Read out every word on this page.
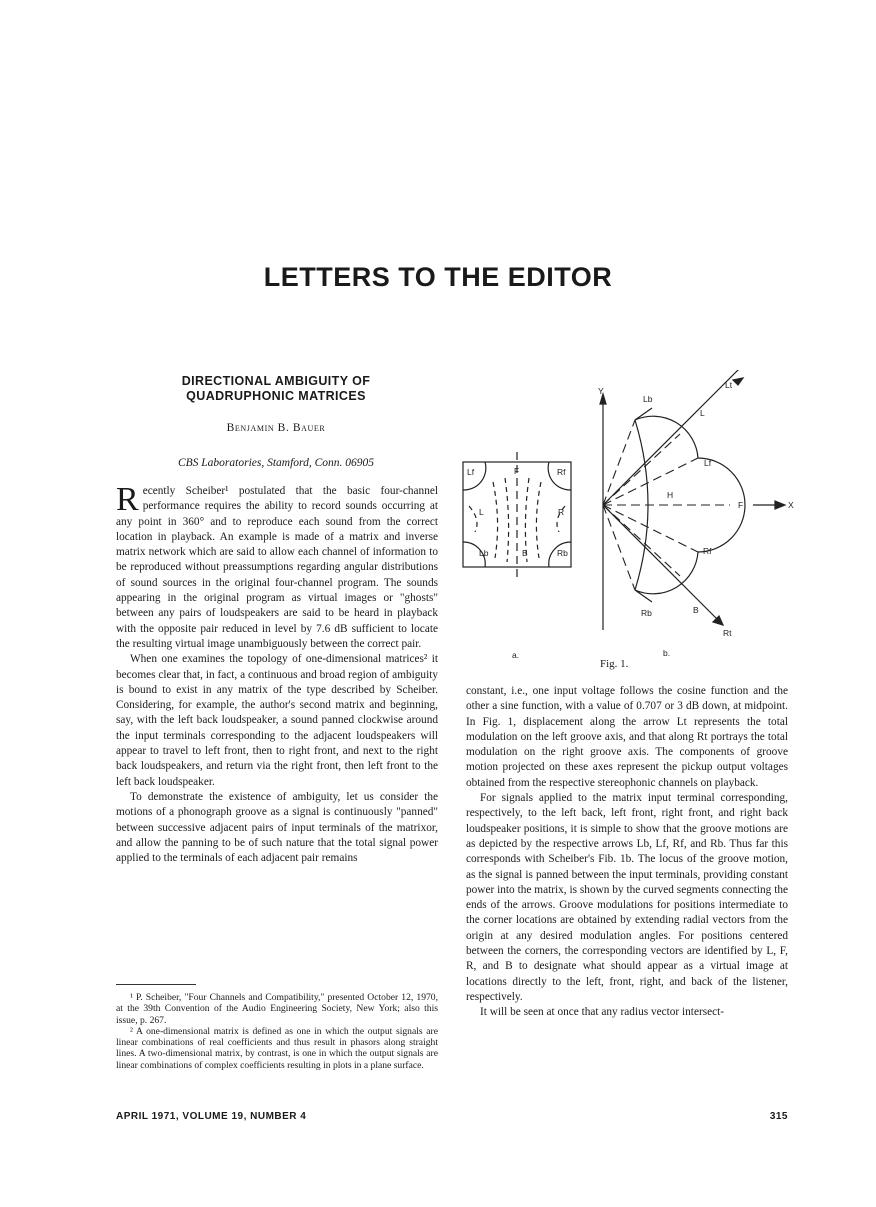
LETTERS TO THE EDITOR
DIRECTIONAL AMBIGUITY OF
QUADRUPHONIC MATRICES
Benjamin B. Bauer
CBS Laboratories, Stamford, Conn. 06905

Recently Scheiber¹ postulated that the basic four-channel performance requires the ability to record sounds occurring at any point in 360° and to reproduce each sound from the correct location in playback. An example is made of a matrix and inverse matrix network which are said to allow each channel of information to be reproduced without preassumptions regarding angular distributions of sound sources in the original four-channel program. The sounds appearing in the original program as virtual images or "ghosts" between any pairs of loudspeakers are said to be heard in playback with the opposite pair reduced in level by 7.6 dB sufficient to locate the resulting virtual image unambiguously between the correct pair.

When one examines the topology of one-dimensional matrices² it becomes clear that, in fact, a continuous and broad region of ambiguity is bound to exist in any matrix of the type described by Scheiber. Considering, for example, the author's second matrix and beginning, say, with the left back loudspeaker, a sound panned clockwise around the input terminals corresponding to the adjacent loudspeakers will appear to travel to left front, then to right front, and next to the right back loudspeakers, and return via the right front, then left front to the left back loudspeaker.

To demonstrate the existence of ambiguity, let us consider the motions of a phonograph groove as a signal is continuously "panned" between successive adjacent pairs of input terminals of the matrixor, and allow the panning to be of such nature that the total signal power applied to the terminals of each adjacent pair remains

¹ P. Scheiber, "Four Channels and Compatibility," presented October 12, 1970, at the 39th Convention of the Audio Engineering Society, New York; also this issue, p. 267.
² A one-dimensional matrix is defined as one in which the output signals are linear combinations of real coefficients and thus result in phasors along straight lines. A two-dimensional matrix, by contrast, is one in which the output signals are linear combinations of complex coefficients resulting in plots in a plane surface.
Lf	F	Rf
L	R
Lb	B	Rb
Y
X
Lt
Rt
Lb
L
Lf
H
F
Rf
Rb	B
a.	b.
Fig. 1.

constant, i.e., one input voltage follows the cosine function and the other a sine function, with a value of 0.707 or 3 dB down, at midpoint. In Fig. 1, displacement along the arrow Lt represents the total modulation on the left groove axis, and that along Rt portrays the total modulation on the right groove axis. The components of groove motion projected on these axes represent the pickup output voltages obtained from the respective stereophonic channels on playback.

For signals applied to the matrix input terminal corresponding, respectively, to the left back, left front, right front, and right back loudspeaker positions, it is simple to show that the groove motions are as depicted by the respective arrows Lb, Lf, Rf, and Rb. Thus far this corresponds with Scheiber's Fib. 1b. The locus of the groove motion, as the signal is panned between the input terminals, providing constant power into the matrix, is shown by the curved segments connecting the ends of the arrows. Groove modulations for positions intermediate to the corner locations are obtained by extending radial vectors from the origin at any desired modulation angles. For positions centered between the corners, the corresponding vectors are identified by L, F, R, and B to designate what should appear as a virtual image at locations directly to the left, front, right, and back of the listener, respectively.

It will be seen at once that any radius vector intersect-

APRIL 1971, VOLUME 19, NUMBER 4	315
